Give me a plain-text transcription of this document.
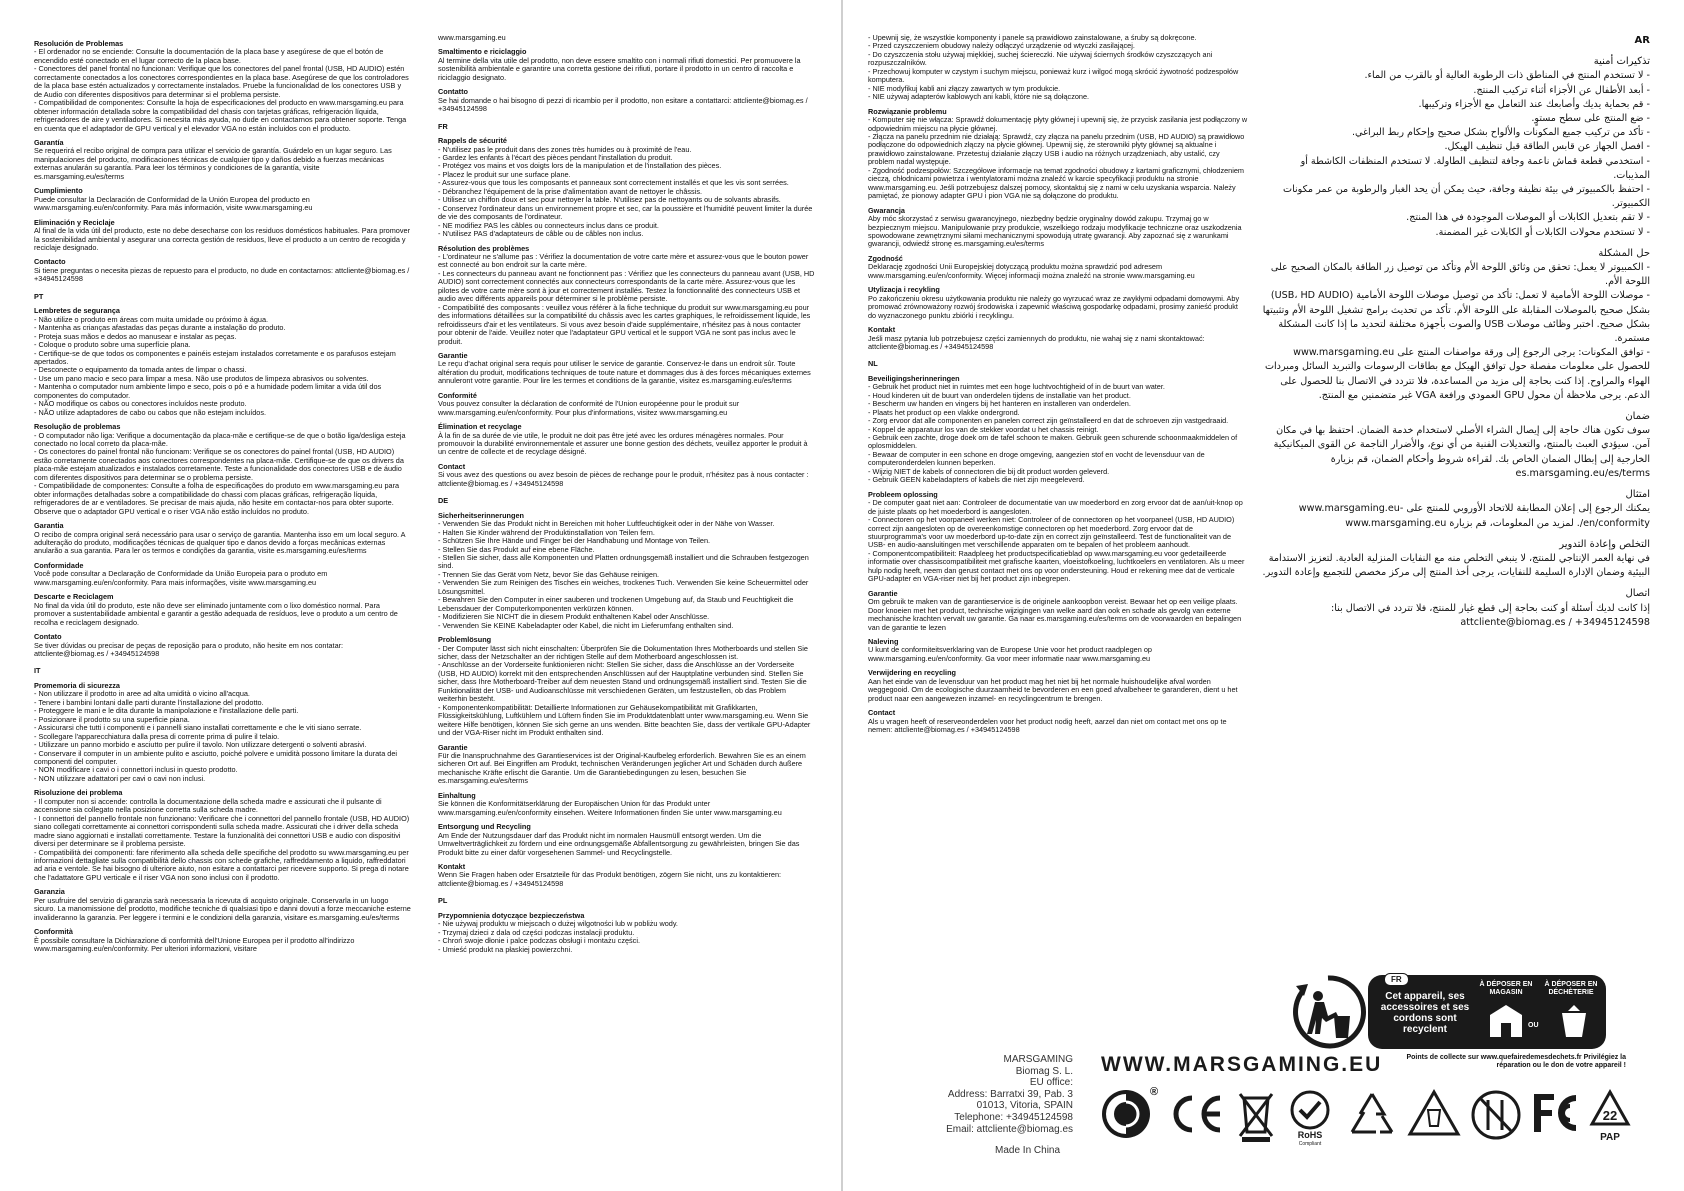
Resolución de Problemas

- El ordenador no se enciende: Consulte la documentación de la placa base y asegúrese de que el botón de encendido esté conectado en el lugar correcto de la placa base.
- Conectores del panel frontal no funcionan: Verifique que los conectores del panel frontal (USB, HD AUDIO) estén correctamente conectados a los conectores correspondientes en la placa base. Asegúrese de que los controladores de la placa base estén actualizados y correctamente instalados. Pruebe la funcionalidad de los conectores USB y de Audio con diferentes dispositivos para determinar si el problema persiste.
- Compatibilidad de componentes: Consulte la hoja de especificaciones del producto en www.marsgaming.eu para obtener información detallada sobre la compatibilidad del chasis con tarjetas gráficas, refrigeración líquida, refrigeradores de aire y ventiladores. Si necesita más ayuda, no dude en contactarnos para obtener soporte. Tenga en cuenta que el adaptador de GPU vertical y el elevador VGA no están incluidos con el producto.

Garantía

Se requerirá el recibo original de compra para utilizar el servicio de garantía. Guárdelo en un lugar seguro. Las manipulaciones del producto, modificaciones técnicas de cualquier tipo y daños debido a fuerzas mecánicas externas anularán su garantía. Para leer los términos y condiciones de la garantía, visite es.marsgaming.eu/es/terms

Cumplimiento

Puede consultar la Declaración de Conformidad de la Unión Europea del producto en www.marsgaming.eu/en/conformity. Para más información, visite www.marsgaming.eu

Eliminación y Reciclaje

Al final de la vida útil del producto, este no debe desecharse con los residuos domésticos habituales. Para promover la sostenibilidad ambiental y asegurar una correcta gestión de residuos, lleve el producto a un centro de recogida y reciclaje designado.

Contacto

Si tiene preguntas o necesita piezas de repuesto para el producto, no dude en contactarnos: attcliente@biomag.es / +34945124598

PT
Lembretes de segurança

- Não utilize o produto em áreas com muita umidade ou próximo à água.
- Mantenha as crianças afastadas das peças durante a instalação do produto.
- Proteja suas mãos e dedos ao manusear e instalar as peças.
- Coloque o produto sobre uma superfície plana.
- Certifique-se de que todos os componentes e painéis estejam instalados corretamente e os parafusos estejam apertados.
- Desconecte o equipamento da tomada antes de limpar o chassi.
- Use um pano macio e seco para limpar a mesa. Não use produtos de limpeza abrasivos ou solventes.
- Mantenha o computador num ambiente limpo e seco, pois o pó e a humidade podem limitar a vida útil dos componentes do computador.
- NÃO modifique os cabos ou conectores incluídos neste produto.
- NÃO utilize adaptadores de cabo ou cabos que não estejam incluídos.

Resolução de problemas

- O computador não liga: Verifique a documentação da placa-mãe e certifique-se de que o botão liga/desliga esteja conectado no local correto da placa-mãe.
- Os conectores do painel frontal não funcionam: Verifique se os conectores do painel frontal (USB, HD AUDIO) estão corretamente conectados aos conectores correspondentes na placa-mãe. Certifique-se de que os drivers da placa-mãe estejam atualizados e instalados corretamente. Teste a funcionalidade dos conectores USB e de áudio com diferentes dispositivos para determinar se o problema persiste.
- Compatibilidade de componentes: Consulte a folha de especificações do produto em www.marsgaming.eu para obter informações detalhadas sobre a compatibilidade do chassi com placas gráficas, refrigeração líquida, refrigeradores de ar e ventiladores. Se precisar de mais ajuda, não hesite em contactar-nos para obter suporte. Observe que o adaptador GPU vertical e o riser VGA não estão incluídos no produto.

Garantia

O recibo de compra original será necessário para usar o serviço de garantia. Mantenha isso em um local seguro. A adulteração do produto, modificações técnicas de qualquer tipo e danos devido a forças mecânicas externas anularão a sua garantia. Para ler os termos e condições da garantia, visite es.marsgaming.eu/es/terms

Conformidade

Você pode consultar a Declaração de Conformidade da União Europeia para o produto em www.marsgaming.eu/en/conformity. Para mais informações, visite www.marsgaming.eu

Descarte e Reciclagem

No final da vida útil do produto, este não deve ser eliminado juntamente com o lixo doméstico normal. Para promover a sustentabilidade ambiental e garantir a gestão adequada de resíduos, leve o produto a um centro de recolha e reciclagem designado.

Contato

Se tiver dúvidas ou precisar de peças de reposição para o produto, não hesite em nos contatar: attcliente@biomag.es / +34945124598

IT
Promemoria di sicurezza

- Non utilizzare il prodotto in aree ad alta umidità o vicino all'acqua.
- Tenere i bambini lontani dalle parti durante l'installazione del prodotto.
- Proteggere le mani e le dita durante la manipolazione e l'installazione delle parti.
- Posizionare il prodotto su una superficie piana.
- Assicurarsi che tutti i componenti e i pannelli siano installati correttamente e che le viti siano serrate.
- Scollegare l'apparecchiatura dalla presa di corrente prima di pulire il telaio.
- Utilizzare un panno morbido e asciutto per pulire il tavolo. Non utilizzare detergenti o solventi abrasivi.
- Conservare il computer in un ambiente pulito e asciutto, poiché polvere e umidità possono limitare la durata dei componenti del computer.
- NON modificare i cavi o i connettori inclusi in questo prodotto.
- NON utilizzare adattatori per cavi o cavi non inclusi.

Risoluzione dei problema

- Il computer non si accende: controlla la documentazione della scheda madre e assicurati che il pulsante di accensione sia collegato nella posizione corretta sulla scheda madre.
- I connettori del pannello frontale non funzionano: Verificare che i connettori del pannello frontale (USB, HD AUDIO) siano collegati correttamente ai connettori corrispondenti sulla scheda madre. Assicurati che i driver della scheda madre siano aggiornati e installati correttamente. Testare la funzionalità dei connettori USB e audio con dispositivi diversi per determinare se il problema persiste.
- Compatibilità dei componenti: fare riferimento alla scheda delle specifiche del prodotto su www.marsgaming.eu per informazioni dettagliate sulla compatibilità dello chassis con schede grafiche, raffreddamento a liquido, raffreddatori ad aria e ventole. Se hai bisogno di ulteriore aiuto, non esitare a contattarci per ricevere supporto. Si prega di notare che l'adattatore GPU verticale e il riser VGA non sono inclusi con il prodotto.

Garanzia

Per usufruire del servizio di garanzia sarà necessaria la ricevuta di acquisto originale. Conservarla in un luogo sicuro. La manomissione del prodotto, modifiche tecniche di qualsiasi tipo e danni dovuti a forze meccaniche esterne invalideranno la garanzia. Per leggere i termini e le condizioni della garanzia, visitare es.marsgaming.eu/es/terms

Conformità

È possibile consultare la Dichiarazione di conformità dell'Unione Europea per il prodotto all'indirizzo www.marsgaming.eu/en/conformity. Per ulteriori informazioni, visitare

www.marsgaming.eu

Smaltimento e riciclaggio

Al termine della vita utile del prodotto, non deve essere smaltito con i normali rifiuti domestici. Per promuovere la sostenibilità ambientale e garantire una corretta gestione dei rifiuti, portare il prodotto in un centro di raccolta e riciclaggio designato.

Contatto

Se hai domande o hai bisogno di pezzi di ricambio per il prodotto, non esitare a contattarci: attcliente@biomag.es / +34945124598

FR
Rappels de sécurité

- N'utilisez pas le produit dans des zones très humides ou à proximité de l'eau.
- Gardez les enfants à l'écart des pièces pendant l'installation du produit.
- Protégez vos mains et vos doigts lors de la manipulation et de l'installation des pièces.
- Placez le produit sur une surface plane.
- Assurez-vous que tous les composants et panneaux sont correctement installés et que les vis sont serrées.
- Débranchez l'équipement de la prise d'alimentation avant de nettoyer le châssis.
- Utilisez un chiffon doux et sec pour nettoyer la table. N'utilisez pas de nettoyants ou de solvants abrasifs.
- Conservez l'ordinateur dans un environnement propre et sec, car la poussière et l'humidité peuvent limiter la durée de vie des composants de l'ordinateur.
- NE modifiez PAS les câbles ou connecteurs inclus dans ce produit.
- N'utilisez PAS d'adaptateurs de câble ou de câbles non inclus.

Résolution des problèmes

- L'ordinateur ne s'allume pas : Vérifiez la documentation de votre carte mère et assurez-vous que le bouton power est connecté au bon endroit sur la carte mère.
- Les connecteurs du panneau avant ne fonctionnent pas : Vérifiez que les connecteurs du panneau avant (USB, HD AUDIO) sont correctement connectés aux connecteurs correspondants de la carte mère. Assurez-vous que les pilotes de votre carte mère sont à jour et correctement installés. Testez la fonctionnalité des connecteurs USB et audio avec différents appareils pour déterminer si le problème persiste.
- Compatibilité des composants : veuillez vous référer à la fiche technique du produit sur www.marsgaming.eu pour des informations détaillées sur la compatibilité du châssis avec les cartes graphiques, le refroidissement liquide, les refroidisseurs d'air et les ventilateurs. Si vous avez besoin d'aide supplémentaire, n'hésitez pas à nous contacter pour obtenir de l'aide. Veuillez noter que l'adaptateur GPU vertical et le support VGA ne sont pas inclus avec le produit.

Garantie

Le reçu d'achat original sera requis pour utiliser le service de garantie. Conservez-le dans un endroit sûr. Toute altération du produit, modifications techniques de toute nature et dommages dus à des forces mécaniques externes annuleront votre garantie. Pour lire les termes et conditions de la garantie, visitez es.marsgaming.eu/es/terms

Conformité

Vous pouvez consulter la déclaration de conformité de l'Union européenne pour le produit sur www.marsgaming.eu/en/conformity. Pour plus d'informations, visitez www.marsgaming.eu

Élimination et recyclage

À la fin de sa durée de vie utile, le produit ne doit pas être jeté avec les ordures ménagères normales. Pour promouvoir la durabilité environnementale et assurer une bonne gestion des déchets, veuillez apporter le produit à un centre de collecte et de recyclage désigné.

Contact

Si vous avez des questions ou avez besoin de pièces de rechange pour le produit, n'hésitez pas à nous contacter : attcliente@biomag.es / +34945124598

DE
Sicherheitserinnerungen

- Verwenden Sie das Produkt nicht in Bereichen mit hoher Luftfeuchtigkeit oder in der Nähe von Wasser.
- Halten Sie Kinder während der Produktinstallation von Teilen fern.
- Schützen Sie Ihre Hände und Finger bei der Handhabung und Montage von Teilen.
- Stellen Sie das Produkt auf eine ebene Fläche.
- Stellen Sie sicher, dass alle Komponenten und Platten ordnungsgemäß installiert und die Schrauben festgezogen sind.
- Trennen Sie das Gerät vom Netz, bevor Sie das Gehäuse reinigen.
- Verwenden Sie zum Reinigen des Tisches ein weiches, trockenes Tuch. Verwenden Sie keine Scheuermittel oder Lösungsmittel.
- Bewahren Sie den Computer in einer sauberen und trockenen Umgebung auf, da Staub und Feuchtigkeit die Lebensdauer der Computerkomponenten verkürzen können.
- Modifizieren Sie NICHT die in diesem Produkt enthaltenen Kabel oder Anschlüsse.
- Verwenden Sie KEINE Kabeladapter oder Kabel, die nicht im Lieferumfang enthalten sind.

Problemlösung

- Der Computer lässt sich nicht einschalten: Überprüfen Sie die Dokumentation Ihres Motherboards und stellen Sie sicher, dass der Netzschalter an der richtigen Stelle auf dem Motherboard angeschlossen ist.
- Anschlüsse an der Vorderseite funktionieren nicht: Stellen Sie sicher, dass die Anschlüsse an der Vorderseite (USB, HD AUDIO) korrekt mit den entsprechenden Anschlüssen auf der Hauptplatine verbunden sind. Stellen Sie sicher, dass Ihre Motherboard-Treiber auf dem neuesten Stand und ordnungsgemäß installiert sind. Testen Sie die Funktionalität der USB- und Audioanschlüsse mit verschiedenen Geräten, um festzustellen, ob das Problem weiterhin besteht.
- Komponentenkompatibilität: Detaillierte Informationen zur Gehäusekompatibilität mit Grafikkarten, Flüssigkeitskühlung, Luftkühlern und Lüftern finden Sie im Produktdatenblatt unter www.marsgaming.eu. Wenn Sie weitere Hilfe benötigen, können Sie sich gerne an uns wenden. Bitte beachten Sie, dass der vertikale GPU-Adapter und der VGA-Riser nicht im Produkt enthalten sind.

Garantie

Für die Inanspruchnahme des Garantieservices ist der Original-Kaufbeleg erforderlich. Bewahren Sie es an einem sicheren Ort auf. Bei Eingriffen am Produkt, technischen Veränderungen jeglicher Art und Schäden durch äußere mechanische Kräfte erlischt die Garantie. Um die Garantiebedingungen zu lesen, besuchen Sie es.marsgaming.eu/es/terms

Einhaltung

Sie können die Konformitätserklärung der Europäischen Union für das Produkt unter www.marsgaming.eu/en/conformity einsehen. Weitere Informationen finden Sie unter www.marsgaming.eu

Entsorgung und Recycling

Am Ende der Nutzungsdauer darf das Produkt nicht im normalen Hausmüll entsorgt werden. Um die Umweltverträglichkeit zu fördern und eine ordnungsgemäße Abfallentsorgung zu gewährleisten, bringen Sie das Produkt bitte zu einer dafür vorgesehenen Sammel- und Recyclingstelle.

Kontakt

Wenn Sie Fragen haben oder Ersatzteile für das Produkt benötigen, zögern Sie nicht, uns zu kontaktieren: attcliente@biomag.es / +34945124598

PL
Przypomnienia dotyczące bezpieczeństwa

- Nie używaj produktu w miejscach o dużej wilgotności lub w pobliżu wody.
- Trzymaj dzieci z dala od części podczas instalacji produktu.
- Chroń swoje dłonie i palce podczas obsługi i montażu części.
- Umieść produkt na płaskiej powierzchni.

- Upewnij się, że wszystkie komponenty i panele są prawidłowo zainstalowane, a śruby są dokręcone.
- Przed czyszczeniem obudowy należy odłączyć urządzenie od wtyczki zasilającej.
- Do czyszczenia stołu używaj miękkiej, suchej ściereczki. Nie używaj ściernych środków czyszczących ani rozpuszczalników.
- Przechowuj komputer w czystym i suchym miejscu, ponieważ kurz i wilgoć mogą skrócić żywotność podzespołów komputera.
- NIE modyfikuj kabli ani złączy zawartych w tym produkcie.
- NIE używaj adapterów kablowych ani kabli, które nie są dołączone.

Rozwiązanie problemu

- Komputer się nie włącza: Sprawdź dokumentację płyty głównej i upewnij się, że przycisk zasilania jest podłączony w odpowiednim miejscu na płycie głównej.
- Złącza na panelu przednim nie działają: Sprawdź, czy złącza na panelu przednim (USB, HD AUDIO) są prawidłowo podłączone do odpowiednich złączy na płycie głównej. Upewnij się, że sterowniki płyty głównej są aktualne i prawidłowo zainstalowane. Przetestuj działanie złączy USB i audio na różnych urządzeniach, aby ustalić, czy problem nadal występuje.
- Zgodność podzespołów: Szczegółowe informacje na temat zgodności obudowy z kartami graficznymi, chłodzeniem cieczą, chłodnicami powietrza i wentylatorami można znaleźć w karcie specyfikacji produktu na stronie www.marsgaming.eu. Jeśli potrzebujesz dalszej pomocy, skontaktuj się z nami w celu uzyskania wsparcia. Należy pamiętać, że pionowy adapter GPU i pion VGA nie są dołączone do produktu.

Gwarancja

Aby móc skorzystać z serwisu gwarancyjnego, niezbędny będzie oryginalny dowód zakupu. Trzymaj go w bezpiecznym miejscu. Manipulowanie przy produkcie, wszelkiego rodzaju modyfikacje techniczne oraz uszkodzenia spowodowane zewnętrznymi siłami mechanicznymi spowodują utratę gwarancji. Aby zapoznać się z warunkami gwarancji, odwiedź stronę es.marsgaming.eu/es/terms

Zgodność

Deklarację zgodności Unii Europejskiej dotyczącą produktu można sprawdzić pod adresem www.marsgaming.eu/en/conformity. Więcej informacji można znaleźć na stronie www.marsgaming.eu

Utylizacja i recykling

Po zakończeniu okresu użytkowania produktu nie należy go wyrzucać wraz ze zwykłymi odpadami domowymi. Aby promować zrównoważony rozwój środowiska i zapewnić właściwą gospodarkę odpadami, prosimy zanieść produkt do wyznaczonego punktu zbiórki i recyklingu.

Kontakt

Jeśli masz pytania lub potrzebujesz części zamiennych do produktu, nie wahaj się z nami skontaktować: attcliente@biomag.es / +34945124598

NL
Beveiligingsherinneringen

- Gebruik het product niet in ruimtes met een hoge luchtvochtigheid of in de buurt van water.
- Houd kinderen uit de buurt van onderdelen tijdens de installatie van het product.
- Bescherm uw handen en vingers bij het hanteren en installeren van onderdelen.
- Plaats het product op een vlakke ondergrond.
- Zorg ervoor dat alle componenten en panelen correct zijn geïnstalleerd en dat de schroeven zijn vastgedraaid.
- Koppel de apparatuur los van de stekker voordat u het chassis reinigt.
- Gebruik een zachte, droge doek om de tafel schoon te maken. Gebruik geen schurende schoonmaakmiddelen of oplosmiddelen.
- Bewaar de computer in een schone en droge omgeving, aangezien stof en vocht de levensduur van de computeronderdelen kunnen beperken.
- Wijzig NIET de kabels of connectoren die bij dit product worden geleverd.
- Gebruik GEEN kabeladapters of kabels die niet zijn meegeleverd.

Probleem oplossing

- De computer gaat niet aan: Controleer de documentatie van uw moederbord en zorg ervoor dat de aan/uit-knop op de juiste plaats op het moederbord is aangesloten.
- Connectoren op het voorpaneel werken niet: Controleer of de connectoren op het voorpaneel (USB, HD AUDIO) correct zijn aangesloten op de overeenkomstige connectoren op het moederbord. Zorg ervoor dat de stuurprogramma's voor uw moederbord up-to-date zijn en correct zijn geïnstalleerd. Test de functionaliteit van de USB- en audio-aansluitingen met verschillende apparaten om te bepalen of het probleem aanhoudt.
- Componentcompatibiliteit: Raadpleeg het productspecificatieblad op www.marsgaming.eu voor gedetailleerde informatie over chassiscompatibiliteit met grafische kaarten, vloeistofkoeling, luchtkoelers en ventilatoren. Als u meer hulp nodig heeft, neem dan gerust contact met ons op voor ondersteuning. Houd er rekening mee dat de verticale GPU-adapter en VGA-riser niet bij het product zijn inbegrepen.

Garantie

Om gebruik te maken van de garantieservice is de originele aankoopbon vereist. Bewaar het op een veilige plaats. Door knoeien met het product, technische wijzigingen van welke aard dan ook en schade als gevolg van externe mechanische krachten vervalt uw garantie. Ga naar es.marsgaming.eu/es/terms om de voorwaarden en bepalingen van de garantie te lezen

Naleving

U kunt de conformiteitsverklaring van de Europese Unie voor het product raadplegen op www.marsgaming.eu/en/conformity. Ga voor meer informatie naar www.marsgaming.eu

Verwijdering en recycling

Aan het einde van de levensduur van het product mag het niet bij het normale huishoudelijke afval worden weggegooid. Om de ecologische duurzaamheid te bevorderen en een goed afvalbeheer te garanderen, dient u het product naar een aangewezen inzamel- en recyclingcentrum te brengen.

Contact

Als u vragen heeft of reserveonderdelen voor het product nodig heeft, aarzel dan niet om contact met ons op te nemen: attcliente@biomag.es / +34945124598

AR
تذكيرات أمنية

- لا تستخدم المنتج في المناطق ذات الرطوبة العالية أو بالقرب من الماء.
- أبعد الأطفال عن الأجزاء أثناء تركيب المنتج.
- قم بحماية يديك وأصابعك عند التعامل مع الأجزاء وتركيبها.
- ضع المنتج على سطح مستوٍ.
- تأكد من تركيب جميع المكونات والألواح بشكل صحيح وإحكام ربط البراغي.
- افصل الجهاز عن قابس الطاقة قبل تنظيف الهيكل.
- استخدمي قطعة قماش ناعمة وجافة لتنظيف الطاولة. لا تستخدم المنظفات الكاشطة أو المذيبات.
- احتفظ بالكمبيوتر في بيئة نظيفة وجافة، حيث يمكن أن يحد الغبار والرطوبة من عمر مكونات الكمبيوتر.
- لا تقم بتعديل الكابلات أو الموصلات الموجودة في هذا المنتج.
- لا تستخدم محولات الكابلات أو الكابلات غير المضمنة.

حل المشكلة

- الكمبيوتر لا يعمل: تحقق من وثائق اللوحة الأم وتأكد من توصيل زر الطاقة بالمكان الصحيح على اللوحة الأم.
- موصلات اللوحة الأمامية لا تعمل: تأكد من توصيل موصلات اللوحة الأمامية (USB، HD AUDIO) بشكل صحيح بالموصلات المقابلة على اللوحة الأم. تأكد من تحديث برامج تشغيل اللوحة الأم وتثبيتها بشكل صحيح. اختبر وظائف موصلات USB والصوت بأجهزة مختلفة لتحديد ما إذا كانت المشكلة مستمرة.
- توافق المكونات: يرجى الرجوع إلى ورقة مواصفات المنتج على www.marsgaming.eu للحصول على معلومات مفصلة حول توافق الهيكل مع بطاقات الرسومات والتبريد السائل ومبردات الهواء والمراوح. إذا كنت بحاجة إلى مزيد من المساعدة، فلا تتردد في الاتصال بنا للحصول على الدعم. يرجى ملاحظة أن محول GPU العمودي ورافعة VGA غير متضمنين مع المنتج.

ضمان

سوف تكون هناك حاجة إلى إيصال الشراء الأصلي لاستخدام خدمة الضمان. احتفظ بها في مكان آمن. سيؤدي العبث بالمنتج، والتعديلات الفنية من أي نوع، والأضرار الناجمة عن القوى الميكانيكية الخارجية إلى إبطال الضمان الخاص بك. لقراءة شروط وأحكام الضمان، قم بزيارة es.marsgaming.eu/es/terms

امتثال

يمكنك الرجوع إلى إعلان المطابقة للاتحاد الأوروبي للمنتج على -www.marsgaming.eu /en/conformity. لمزيد من المعلومات، قم بزيارة www.marsgaming.eu

التخلص وإعادة التدوير

في نهاية العمر الإنتاجي للمنتج، لا ينبغي التخلص منه مع النفايات المنزلية العادية. لتعزيز الاستدامة البيئية وضمان الإدارة السليمة للنفايات، يرجى أخذ المنتج إلى مركز مخصص للتجميع وإعادة التدوير.

اتصال

إذا كانت لديك أسئلة أو كنت بحاجة إلى قطع غيار للمنتج، فلا تتردد في الاتصال بنا: attcliente@biomag.es / +34945124598

FR
Cet appareil, ses accessoires et ses cordons sont recyclent
À DÉPOSER EN MAGASIN
À DÉPOSER EN DÉCHÈTERIE
OU
Points de collecte sur www.quefairedemesdechets.fr Privilégiez la réparation ou le don de votre appareil !
MARSGAMING
Biomag S. L.
EU office:
Address: Barratxi 39, Pab. 3
01013, Vitoria, SPAIN
Telephone: +34945124598
Email: attcliente@biomag.es
WWW.MARSGAMING.EU
Made In China
®
RoHS
Compliant
22
PAP
